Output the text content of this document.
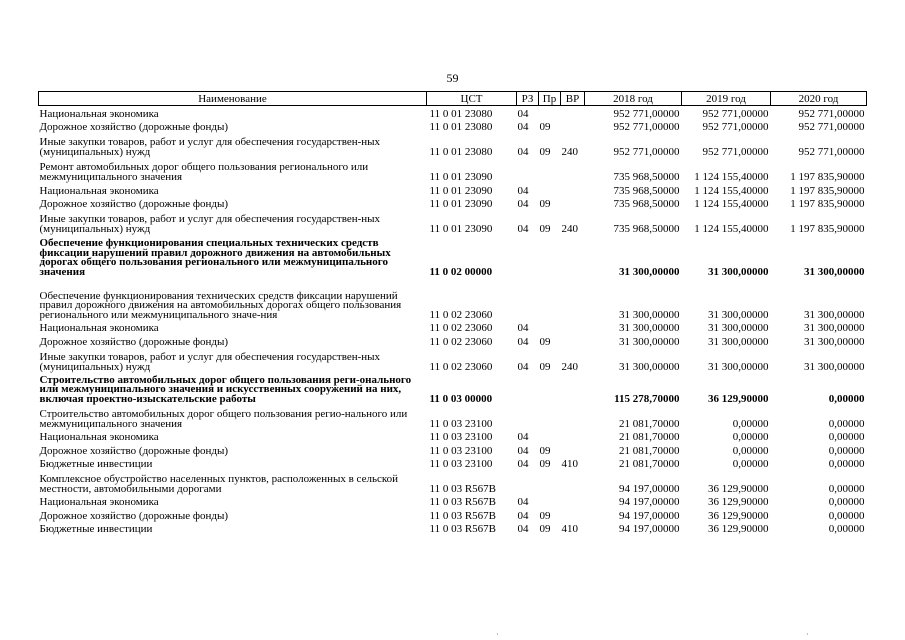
59
Наименование	ЦСТ	РЗ	Пр	ВР	2018 год	2019 год	2020 год
Национальная экономика	11 0 01 23080	04			952 771,00000	952 771,00000	952 771,00000
Дорожное хозяйство (дорожные фонды)	11 0 01 23080	04	09		952 771,00000	952 771,00000	952 771,00000
Иные закупки товаров, работ и услуг для обеспечения государствен-ных (муниципальных) нужд	11 0 01 23080	04	09	240	952 771,00000	952 771,00000	952 771,00000
Ремонт автомобильных дорог общего пользования регионального или межмуниципального значения	11 0 01 23090				735 968,50000	1 124 155,40000	1 197 835,90000
Национальная экономика	11 0 01 23090	04			735 968,50000	1 124 155,40000	1 197 835,90000
Дорожное хозяйство (дорожные фонды)	11 0 01 23090	04	09		735 968,50000	1 124 155,40000	1 197 835,90000
Иные закупки товаров, работ и услуг для обеспечения государствен-ных (муниципальных) нужд	11 0 01 23090	04	09	240	735 968,50000	1 124 155,40000	1 197 835,90000
Обеспечение функционирования специальных технических средств фиксации нарушений правил дорожного движения на автомобильных дорогах общего пользования регионального или межмуниципального значения	11 0 02 00000				31 300,00000	31 300,00000	31 300,00000
Обеспечение функционирования технических средств фиксации нарушений правил дорожного движения на автомобильных дорогах общего пользования регионального или межмуниципального значе-ния	11 0 02 23060				31 300,00000	31 300,00000	31 300,00000
Национальная экономика	11 0 02 23060	04			31 300,00000	31 300,00000	31 300,00000
Дорожное хозяйство (дорожные фонды)	11 0 02 23060	04	09		31 300,00000	31 300,00000	31 300,00000
Иные закупки товаров, работ и услуг для обеспечения государствен-ных (муниципальных) нужд	11 0 02 23060	04	09	240	31 300,00000	31 300,00000	31 300,00000
Строительство автомобильных дорог общего пользования реги-онального или межмуниципального значения и искусственных сооружений на них, включая проектно-изыскательские работы	11 0 03 00000				115 278,70000	36 129,90000	0,00000
Строительство автомобильных дорог общего пользования регио-нального или межмуниципального значения	11 0 03 23100				21 081,70000	0,00000	0,00000
Национальная экономика	11 0 03 23100	04			21 081,70000	0,00000	0,00000
Дорожное хозяйство (дорожные фонды)	11 0 03 23100	04	09		21 081,70000	0,00000	0,00000
Бюджетные инвестиции	11 0 03 23100	04	09	410	21 081,70000	0,00000	0,00000
Комплексное обустройство населенных пунктов, расположенных в сельской местности, автомобильными дорогами	11 0 03 R567B				94 197,00000	36 129,90000	0,00000
Национальная экономика	11 0 03 R567B	04			94 197,00000	36 129,90000	0,00000
Дорожное хозяйство (дорожные фонды)	11 0 03 R567B	04	09		94 197,00000	36 129,90000	0,00000
Бюджетные инвестиции	11 0 03 R567B	04	09	410	94 197,00000	36 129,90000	0,00000
·	·
